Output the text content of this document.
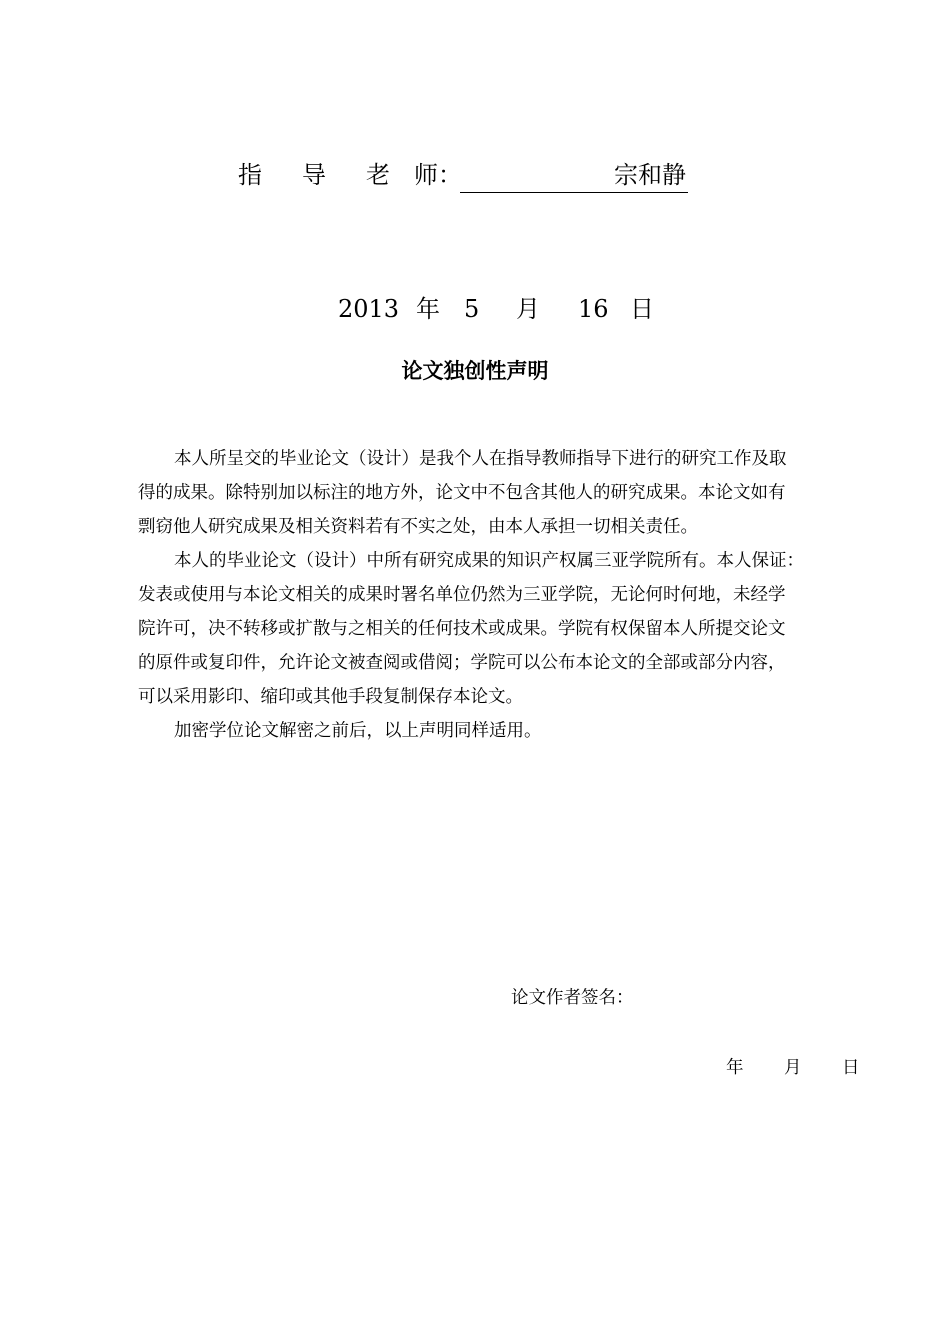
指 导 老 师：	宗和静
2013 年 5 月 16 日
论文独创性声明
本人所呈交的毕业论文（设计）是我个人在指导教师指导下进行的研究工作及取
得的成果。除特别加以标注的地方外，论文中不包含其他人的研究成果。本论文如有
剽窃他人研究成果及相关资料若有不实之处，由本人承担一切相关责任。
本人的毕业论文（设计）中所有研究成果的知识产权属三亚学院所有。本人保证：
发表或使用与本论文相关的成果时署名单位仍然为三亚学院，无论何时何地，未经学
院许可，决不转移或扩散与之相关的任何技术或成果。学院有权保留本人所提交论文
的原件或复印件，允许论文被查阅或借阅；学院可以公布本论文的全部或部分内容，
可以采用影印、缩印或其他手段复制保存本论文。
加密学位论文解密之前后，以上声明同样适用。
论文作者签名：
年 月 日
